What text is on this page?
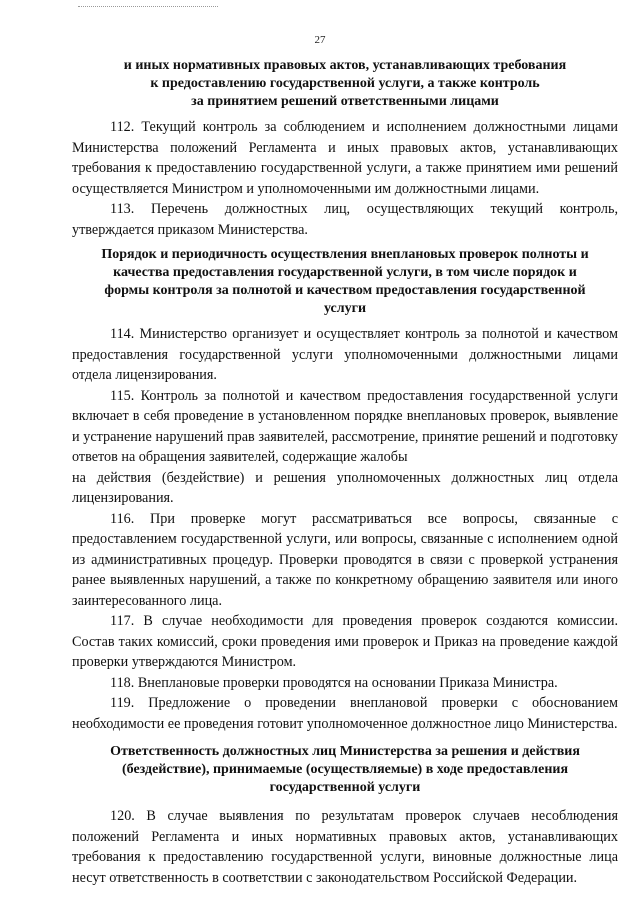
27
и иных нормативных правовых актов, устанавливающих требования
к предоставлению государственной услуги, а также контроль
за принятием решений ответственными лицами

112. Текущий контроль за соблюдением и исполнением должностными лицами Министерства положений Регламента и иных правовых актов, устанавливающих требования к предоставлению государственной услуги, а также принятием ими решений осуществляется Министром и уполномоченными им должностными лицами.

113. Перечень должностных лиц, осуществляющих текущий контроль, утверждается приказом Министерства.

Порядок и периодичность осуществления внеплановых проверок полноты и
качества предоставления государственной услуги, в том числе порядок и
формы контроля за полнотой и качеством предоставления государственной
услуги

114. Министерство организует и осуществляет контроль за полнотой и качеством предоставления государственной услуги уполномоченными должностными лицами отдела лицензирования.

115. Контроль за полнотой и качеством предоставления государственной услуги включает в себя проведение в установленном порядке внеплановых проверок, выявление и устранение нарушений прав заявителей, рассмотрение, принятие решений и подготовку ответов на обращения заявителей, содержащие жалобы

на действия (бездействие) и решения уполномоченных должностных лиц отдела лицензирования.

116. При проверке могут рассматриваться все вопросы, связанные с предоставлением государственной услуги, или вопросы, связанные с исполнением одной из административных процедур. Проверки проводятся в связи с проверкой устранения ранее выявленных нарушений, а также по конкретному обращению заявителя или иного заинтересованного лица.

117. В случае необходимости для проведения проверок создаются комиссии. Состав таких комиссий, сроки проведения ими проверок и Приказ на проведение каждой проверки утверждаются Министром.

118. Внеплановые проверки проводятся на основании Приказа Министра.

119. Предложение о проведении внеплановой проверки с обоснованием необходимости ее проведения готовит уполномоченное должностное лицо Министерства.

Ответственность должностных лиц Министерства за решения и действия
(бездействие), принимаемые (осуществляемые) в ходе предоставления
государственной услуги

120. В случае выявления по результатам проверок случаев несоблюдения положений Регламента и иных нормативных правовых актов, устанавливающих требования к предоставлению государственной услуги, виновные должностные лица несут ответственность в соответствии с законодательством Российской Федерации.
